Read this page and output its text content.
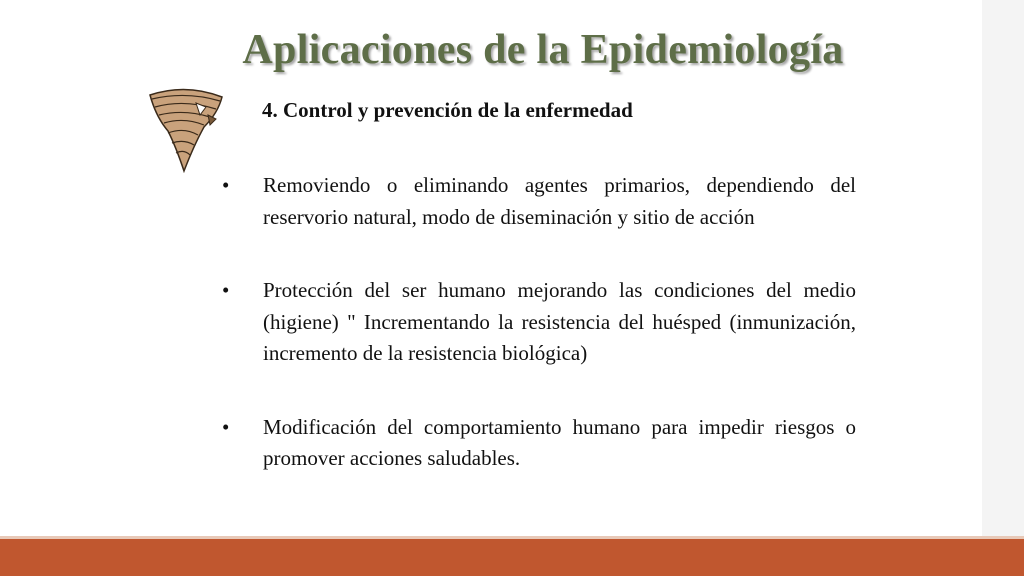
Aplicaciones de la Epidemiología

4. Control y prevención de la enfermedad

•	Removiendo o eliminando agentes primarios, dependiendo del reservorio natural, modo de diseminación y sitio de acción
•	Protección del ser humano mejorando las condiciones del medio (higiene) " Incrementando la resistencia del huésped (inmunización, incremento de la resistencia biológica)
•	Modificación del comportamiento humano para impedir riesgos o promover acciones saludables.
